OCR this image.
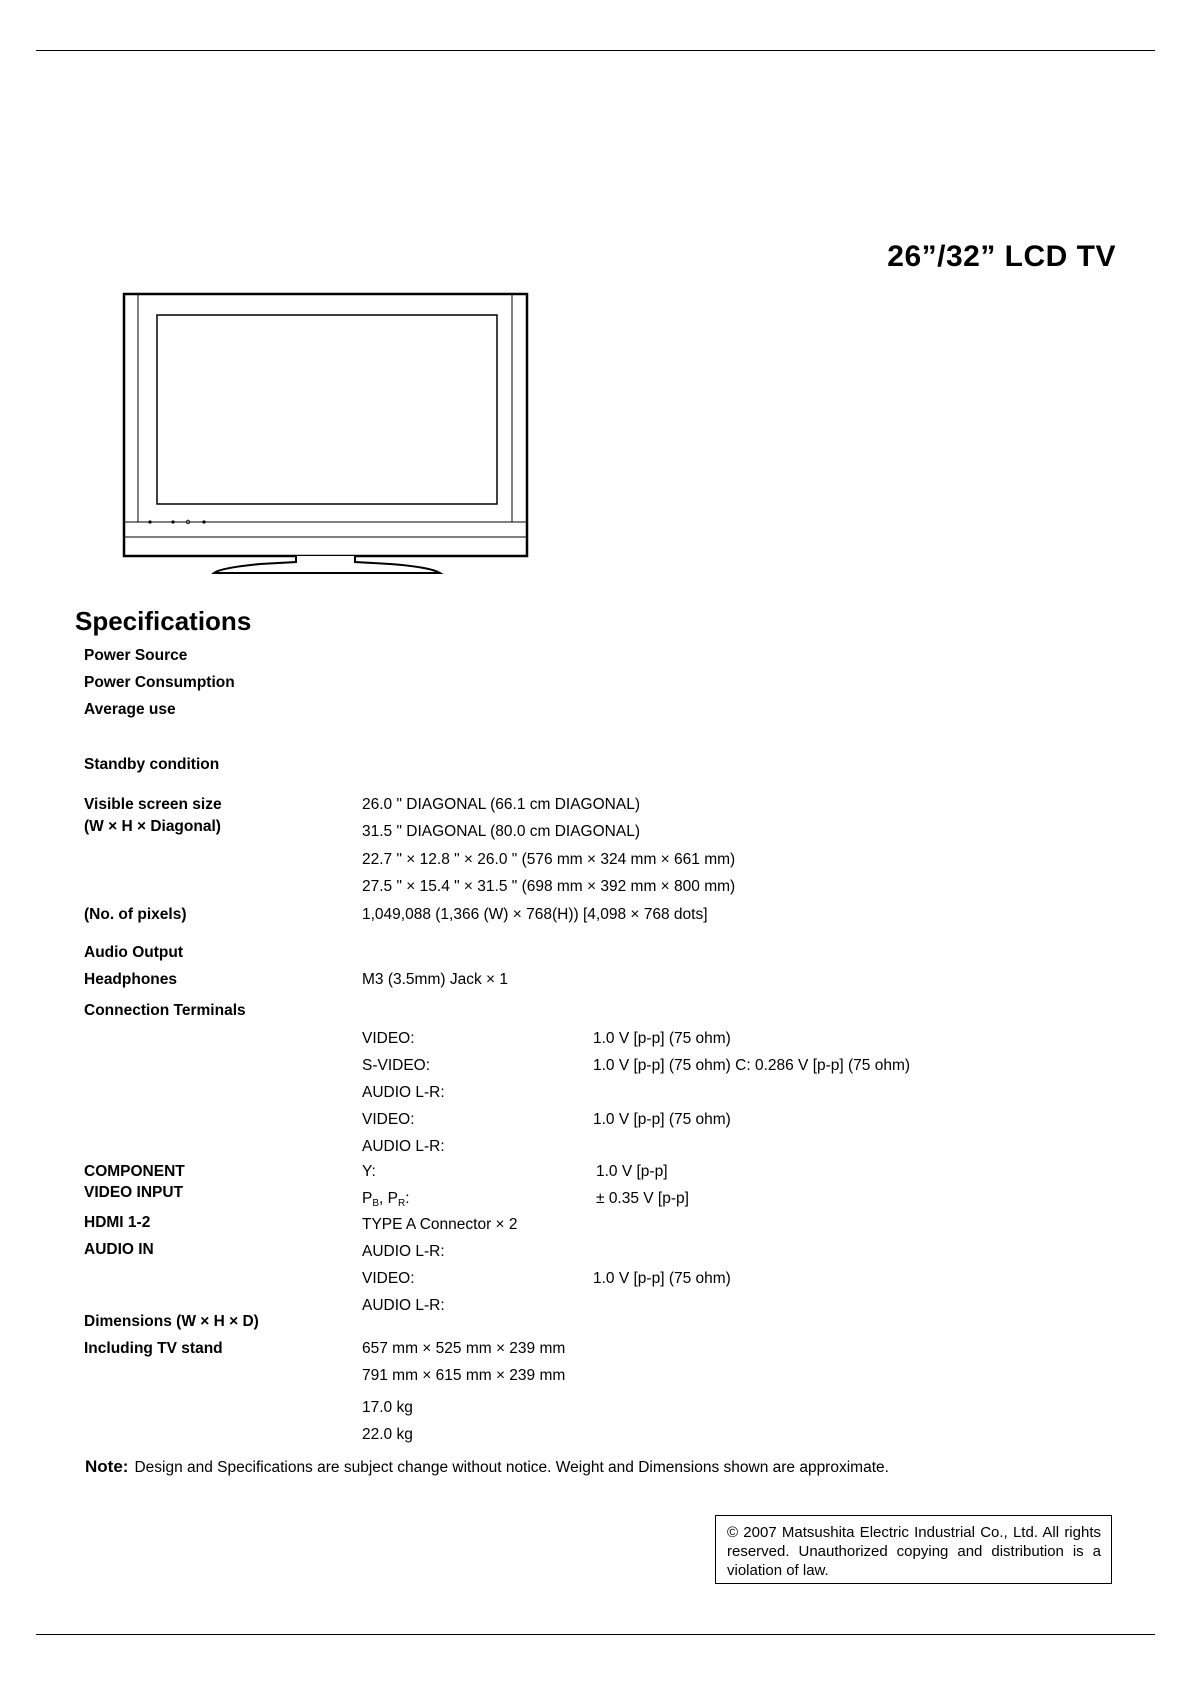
26”/32” LCD TV
Specifications
Power Source
Power Consumption
Average use
Standby condition
Visible screen size
(W × H × Diagonal)
(No. of pixels)
Audio Output
Headphones
Connection Terminals
COMPONENT
VIDEO INPUT
HDMI 1-2
AUDIO IN
Dimensions (W × H × D)
Including TV stand
26.0 " DIAGONAL (66.1 cm DIAGONAL)
31.5 " DIAGONAL (80.0 cm DIAGONAL)
22.7 " × 12.8 " × 26.0 " (576 mm × 324 mm × 661 mm)
27.5 " × 15.4 " × 31.5 " (698 mm × 392 mm × 800 mm)
1,049,088 (1,366 (W) × 768(H)) [4,098 × 768 dots]
M3 (3.5mm) Jack × 1
VIDEO:
S-VIDEO:
AUDIO L-R:
VIDEO:
AUDIO L-R:
Y:
$P_B$, $P_R$:
TYPE A Connector × 2
AUDIO L-R:
VIDEO:
AUDIO L-R:
657 mm × 525 mm × 239 mm
791 mm × 615 mm × 239 mm
17.0 kg
22.0 kg
1.0 V [p-p] (75 ohm)
1.0 V [p-p] (75 ohm) C: 0.286 V [p-p] (75 ohm)
1.0 V [p-p] (75 ohm)
1.0 V [p-p]
± 0.35 V [p-p]
1.0 V [p-p] (75 ohm)
Note: Design and Specifications are subject change without notice. Weight and Dimensions shown are approximate.
© 2007 Matsushita Electric Industrial Co., Ltd. All rights reserved. Unauthorized copying and distribution is a violation of law.
